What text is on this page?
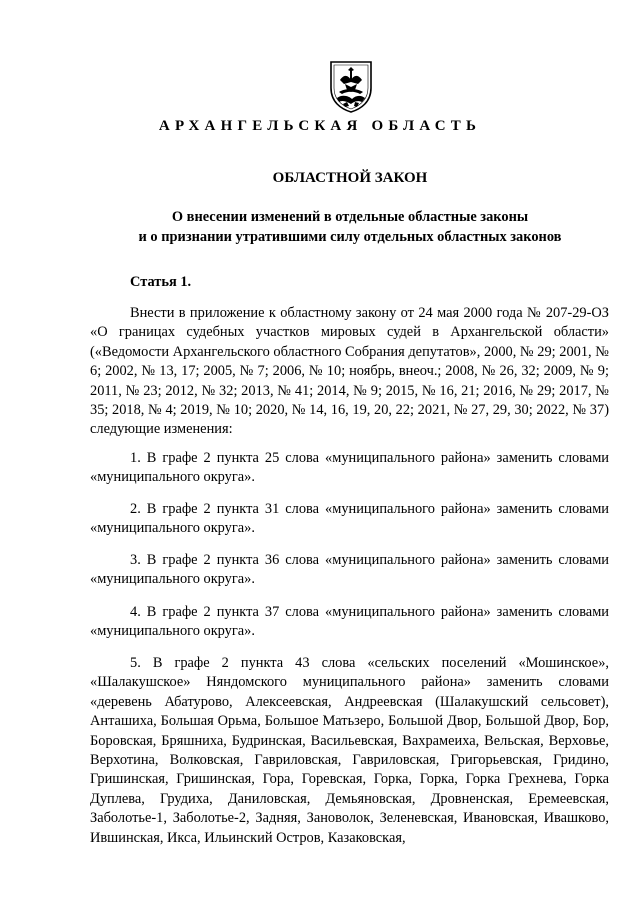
АРХАНГЕЛЬСКАЯ ОБЛАСТЬ
ОБЛАСТНОЙ ЗАКОН
О внесении изменений в отдельные областные законы
и о признании утратившими силу отдельных областных законов
Статья 1.

Внести в приложение к областному закону от 24 мая 2000 года № 207-29-ОЗ «О границах судебных участков мировых судей в Архангельской области» («Ведомости Архангельского областного Собрания депутатов», 2000, № 29; 2001, № 6; 2002, № 13, 17; 2005, № 7; 2006, № 10; ноябрь, внеоч.; 2008, № 26, 32; 2009, № 9; 2011, № 23; 2012, № 32; 2013, № 41; 2014, № 9; 2015, № 16, 21; 2016, № 29; 2017, № 35; 2018, № 4; 2019, № 10; 2020, № 14, 16, 19, 20, 22; 2021, № 27, 29, 30; 2022, № 37) следующие изменения:

1. В графе 2 пункта 25 слова «муниципального района» заменить словами «муниципального округа».

2. В графе 2 пункта 31 слова «муниципального района» заменить словами «муниципального округа».

3. В графе 2 пункта 36 слова «муниципального района» заменить словами «муниципального округа».

4. В графе 2 пункта 37 слова «муниципального района» заменить словами «муниципального округа».

5. В графе 2 пункта 43 слова «сельских поселений «Мошинское», «Шалакушское» Няндомского муниципального района» заменить словами «деревень Абатурово, Алексеевская, Андреевская (Шалакушский сельсовет), Анташиха, Большая Орьма, Большое Матьзеро, Большой Двор, Большой Двор, Бор, Боровская, Бряшниха, Будринская, Васильевская, Вахрамеиха, Вельская, Верховье, Верхотина, Волковская, Гавриловская, Гавриловская, Григорьевская, Гридино, Гришинская, Гришинская, Гора, Горевская, Горка, Горка, Горка Грехнева, Горка Дуплева, Грудиха, Даниловская, Демьяновская, Дровненская, Еремеевская, Заболотье-1, Заболотье-2, Задняя, Зановолок, Зеленевская, Ивановская, Ивашково, Ившинская, Икса, Ильинский Остров, Казаковская,
